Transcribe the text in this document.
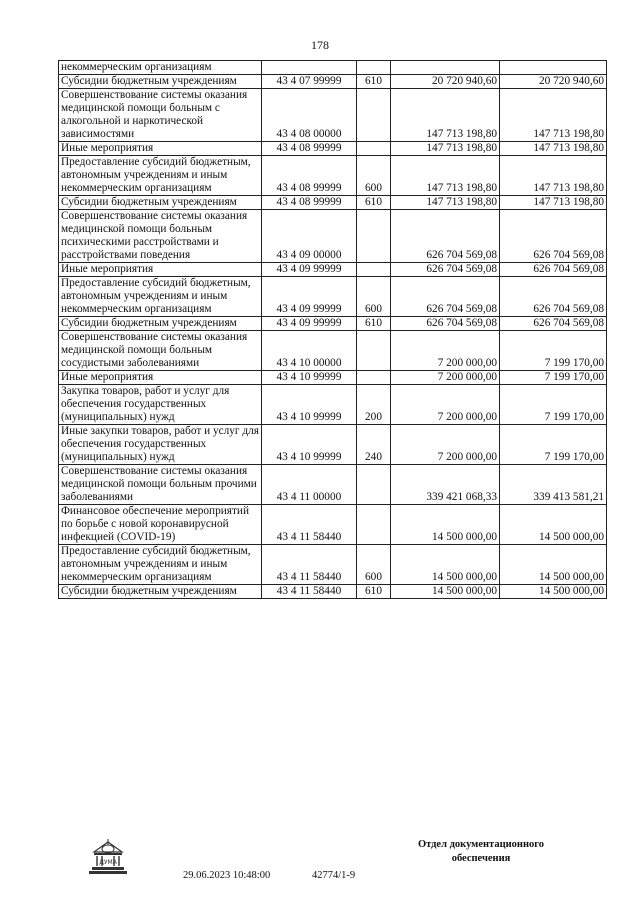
178
некоммерческим организациям				
Субсидии бюджетным учреждениям	43 4 07 99999	610	20 720 940,60	20 720 940,60
Совершенствование системы оказания медицинской помощи больным с алкогольной и наркотической зависимостями	43 4 08 00000		147 713 198,80	147 713 198,80
Иные мероприятия	43 4 08 99999		147 713 198,80	147 713 198,80
Предоставление субсидий бюджетным, автономным учреждениям и иным некоммерческим организациям	43 4 08 99999	600	147 713 198,80	147 713 198,80
Субсидии бюджетным учреждениям	43 4 08 99999	610	147 713 198,80	147 713 198,80
Совершенствование системы оказания медицинской помощи больным психическими расстройствами и расстройствами поведения	43 4 09 00000		626 704 569,08	626 704 569,08
Иные мероприятия	43 4 09 99999		626 704 569,08	626 704 569,08
Предоставление субсидий бюджетным, автономным учреждениям и иным некоммерческим организациям	43 4 09 99999	600	626 704 569,08	626 704 569,08
Субсидии бюджетным учреждениям	43 4 09 99999	610	626 704 569,08	626 704 569,08
Совершенствование системы оказания медицинской помощи больным сосудистыми заболеваниями	43 4 10 00000		7 200 000,00	7 199 170,00
Иные мероприятия	43 4 10 99999		7 200 000,00	7 199 170,00
Закупка товаров, работ и услуг для обеспечения государственных (муниципальных) нужд	43 4 10 99999	200	7 200 000,00	7 199 170,00
Иные закупки товаров, работ и услуг для обеспечения государственных (муниципальных) нужд	43 4 10 99999	240	7 200 000,00	7 199 170,00
Совершенствование системы оказания медицинской помощи больным прочими заболеваниями	43 4 11 00000		339 421 068,33	339 413 581,21
Финансовое обеспечение мероприятий по борьбе с новой коронавирусной инфекцией (COVID-19)	43 4 11 58440		14 500 000,00	14 500 000,00
Предоставление субсидий бюджетным, автономным учреждениям и иным некоммерческим организациям	43 4 11 58440	600	14 500 000,00	14 500 000,00
Субсидии бюджетным учреждениям	43 4 11 58440	610	14 500 000,00	14 500 000,00
ДУМА
29.06.2023 10:48:00	42774/1-9
Отдел документационного обеспечения
